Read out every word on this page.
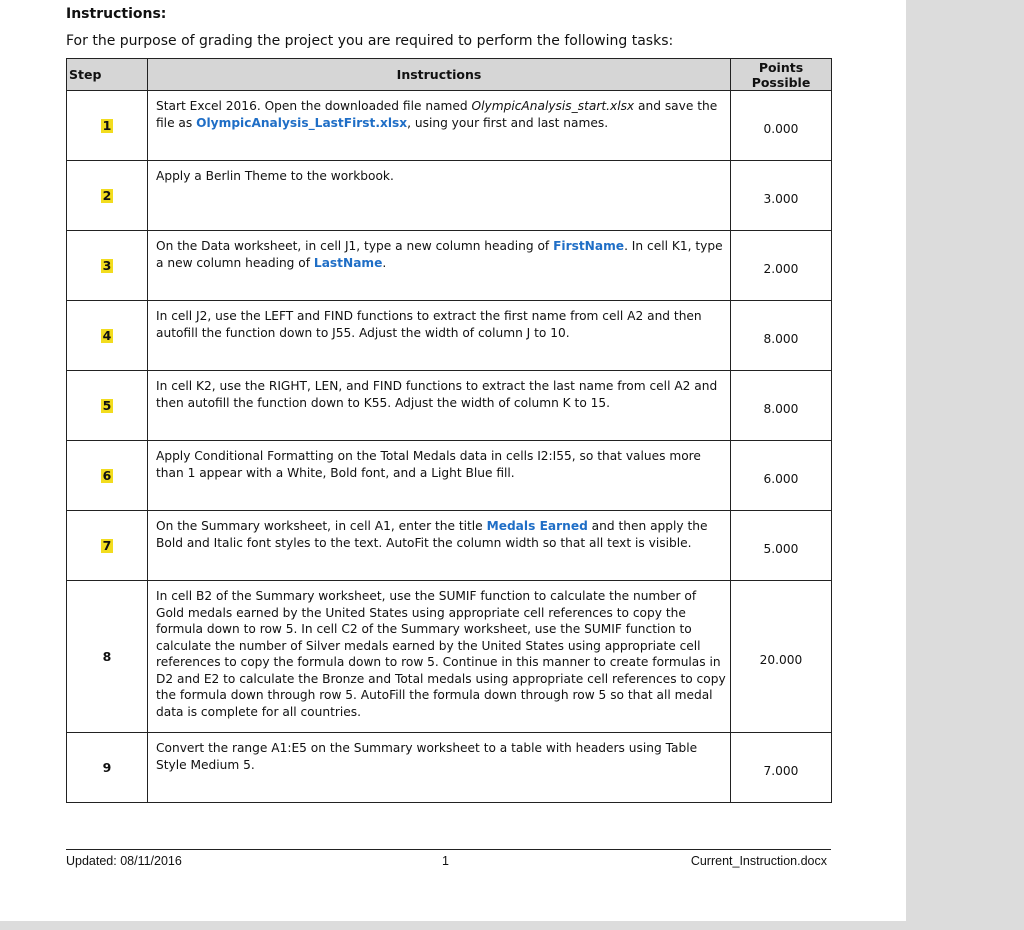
Instructions:
For the purpose of grading the project you are required to perform the following tasks:
Step	Instructions	Points Possible
1	Start Excel 2016. Open the downloaded file named OlympicAnalysis_start.xlsx and save the file as OlympicAnalysis_LastFirst.xlsx, using your first and last names.	0.000
2	Apply a Berlin Theme to the workbook.	3.000
3	On the Data worksheet, in cell J1, type a new column heading of FirstName. In cell K1, type a new column heading of LastName.	2.000
4	In cell J2, use the LEFT and FIND functions to extract the first name from cell A2 and then autofill the function down to J55. Adjust the width of column J to 10.	8.000
5	In cell K2, use the RIGHT, LEN, and FIND functions to extract the last name from cell A2 and then autofill the function down to K55. Adjust the width of column K to 15.	8.000
6	Apply Conditional Formatting on the Total Medals data in cells I2:I55, so that values more than 1 appear with a White, Bold font, and a Light Blue fill.	6.000
7	On the Summary worksheet, in cell A1, enter the title Medals Earned and then apply the Bold and Italic font styles to the text. AutoFit the column width so that all text is visible.	5.000
8	In cell B2 of the Summary worksheet, use the SUMIF function to calculate the number of Gold medals earned by the United States using appropriate cell references to copy the formula down to row 5. In cell C2 of the Summary worksheet, use the SUMIF function to calculate the number of Silver medals earned by the United States using appropriate cell references to copy the formula down to row 5. Continue in this manner to create formulas in D2 and E2 to calculate the Bronze and Total medals using appropriate cell references to copy the formula down through row 5. AutoFill the formula down through row 5 so that all medal data is complete for all countries.	20.000
9	Convert the range A1:E5 on the Summary worksheet to a table with headers using Table Style Medium 5.	7.000
Updated: 08/11/2016	1	Current_Instruction.docx
